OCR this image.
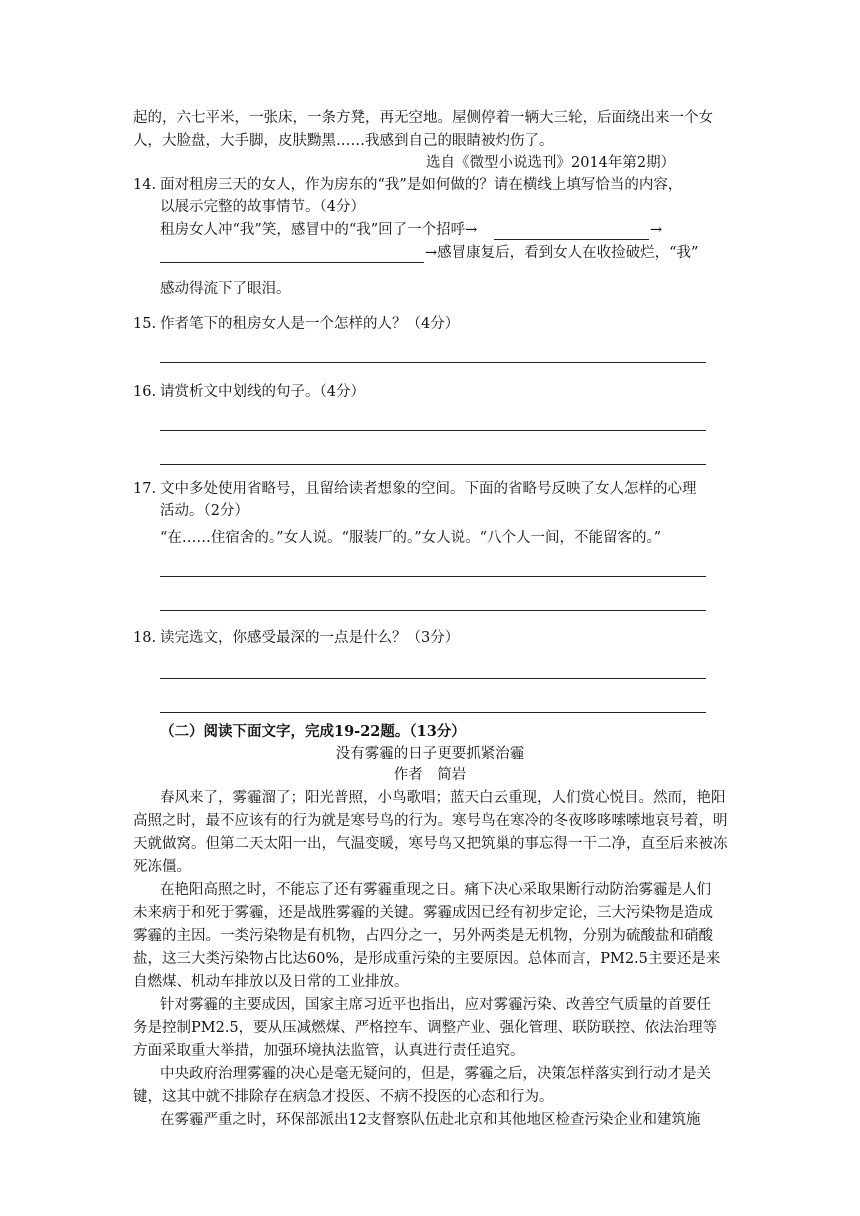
起的，六七平米，一张床，一条方凳，再无空地。屋侧停着一辆大三轮，后面绕出来一个女
人，大脸盘，大手脚，皮肤黝黑……我感到自己的眼睛被灼伤了。
选自《微型小说选刊》2014年第2期）
14. 面对租房三天的女人，作为房东的“我”是如何做的？请在横线上填写恰当的内容，
以展示完整的故事情节。（4分）
租房女人冲“我”笑，感冒中的“我”回了一个招呼→	→
→感冒康复后，看到女人在收捡破烂，“我”
感动得流下了眼泪。
15. 作者笔下的租房女人是一个怎样的人？（4分）
16. 请赏析文中划线的句子。（4分）
17. 文中多处使用省略号，且留给读者想象的空间。下面的省略号反映了女人怎样的心理
活动。（2分）
“在……住宿舍的。”女人说。“服装厂的。”女人说。“八个人一间，不能留客的。”
18. 读完选文，你感受最深的一点是什么？（3分）
（二）阅读下面文字，完成19-22题。（13分）
没有雾霾的日子更要抓紧治霾
作者　简岩
春风来了，雾霾溜了；阳光普照，小鸟歌唱；蓝天白云重现，人们赏心悦目。然而，艳阳
高照之时，最不应该有的行为就是寒号鸟的行为。寒号鸟在寒冷的冬夜哆哆嗦嗦地哀号着，明
天就做窝。但第二天太阳一出，气温变暖，寒号鸟又把筑巢的事忘得一干二净，直至后来被冻
死冻僵。
在艳阳高照之时，不能忘了还有雾霾重现之日。痛下决心采取果断行动防治雾霾是人们
未来病于和死于雾霾，还是战胜雾霾的关键。雾霾成因已经有初步定论，三大污染物是造成
雾霾的主因。一类污染物是有机物，占四分之一，另外两类是无机物，分别为硫酸盐和硝酸
盐，这三大类污染物占比达60%，是形成重污染的主要原因。总体而言，PM2.5主要还是来
自燃煤、机动车排放以及日常的工业排放。
针对雾霾的主要成因，国家主席习近平也指出，应对雾霾污染、改善空气质量的首要任
务是控制PM2.5，要从压减燃煤、严格控车、调整产业、强化管理、联防联控、依法治理等
方面采取重大举措，加强环境执法监管，认真进行责任追究。
中央政府治理雾霾的决心是毫无疑问的，但是，雾霾之后，决策怎样落实到行动才是关
键，这其中就不排除存在病急才投医、不病不投医的心态和行为。
在雾霾严重之时，环保部派出12支督察队伍赴北京和其他地区检查污染企业和建筑施
